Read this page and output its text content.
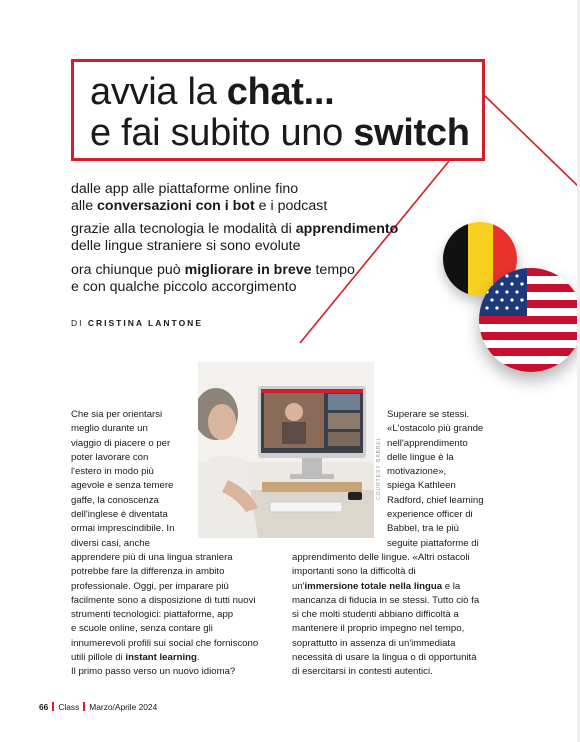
avvia la chat...
e fai subito uno switch
dalle app alle piattaforme online fino
alle conversazioni con i bot e i podcast
grazie alla tecnologia le modalità di apprendimento
delle lingue straniere si sono evolute
ora chiunque può migliorare in breve tempo
e con qualche piccolo accorgimento
DI CRISTINA LANTONE
COURTESY BABBEL
Che sia per orientarsi
meglio durante un
viaggio di piacere o per
poter lavorare con
l'estero in modo più
agevole e senza temere
gaffe, la conoscenza
dell'inglese è diventata
ormai imprescindibile. In
diversi casi, anche
apprendere più di una lingua straniera
potrebbe fare la differenza in ambito
professionale. Oggi, per imparare più
facilmente sono a disposizione di tutti nuovi
strumenti tecnologici: piattaforme, app
e scuole online, senza contare gli
innumerevoli profili sui social che forniscono
utili pillole di instant learning.
Il primo passo verso un nuovo idioma?
Superare se stessi.
«L'ostacolo più grande
nell'apprendimento
delle lingue è la
motivazione»,
spiega Kathleen
Radford, chief learning
experience officer di
Babbel, tra le più
seguite piattaforme di
apprendimento delle lingue. «Altri ostacoli
importanti sono la difficoltà di
un'immersione totale nella lingua e la
mancanza di fiducia in se stessi. Tutto ciò fa
si che molti studenti abbiano difficoltà a
mantenere il proprio impegno nel tempo,
soprattutto in assenza di un'immediata
necessità di usare la lingua o di opportunità
di esercitarsi in contesti autentici.
66 Class Marzo/Aprile 2024
